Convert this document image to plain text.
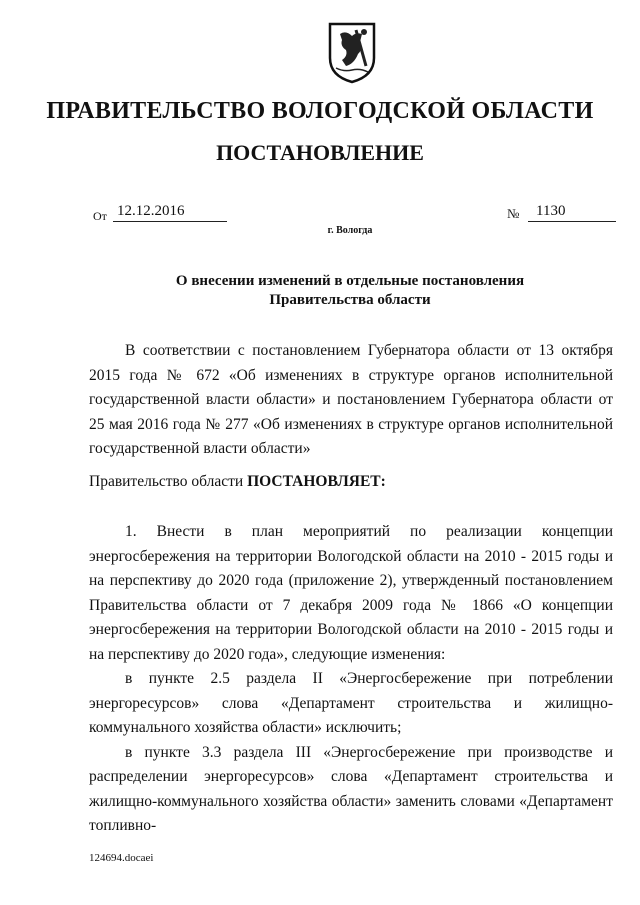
ПРАВИТЕЛЬСТВО ВОЛОГОДСКОЙ ОБЛАСТИ
ПОСТАНОВЛЕНИЕ
От 12.12.2016	№	1130
г. Вологда
О внесении изменений в отдельные постановления
Правительства области

В соответствии с постановлением Губернатора области от 13 октября 2015 года № 672 «Об изменениях в структуре органов исполнительной государственной власти области» и постановлением Губернатора области от 25 мая 2016 года № 277 «Об изменениях в структуре органов исполнительной государственной власти области»

Правительство области ПОСТАНОВЛЯЕТ:

1. Внести в план мероприятий по реализации концепции энергосбережения на территории Вологодской области на 2010 - 2015 годы и на перспективу до 2020 года (приложение 2), утвержденный постановлением Правительства области от 7 декабря 2009 года № 1866 «О концепции энергосбережения на территории Вологодской области на 2010 - 2015 годы и на перспективу до 2020 года», следующие изменения:

в пункте 2.5 раздела II «Энергосбережение при потреблении энергоресурсов» слова «Департамент строительства и жилищно-коммунального хозяйства области» исключить;

в пункте 3.3 раздела III «Энергосбережение при производстве и распределении энергоресурсов» слова «Департамент строительства и жилищно-коммунального хозяйства области» заменить словами «Департамент топливно-

124694.docaei
